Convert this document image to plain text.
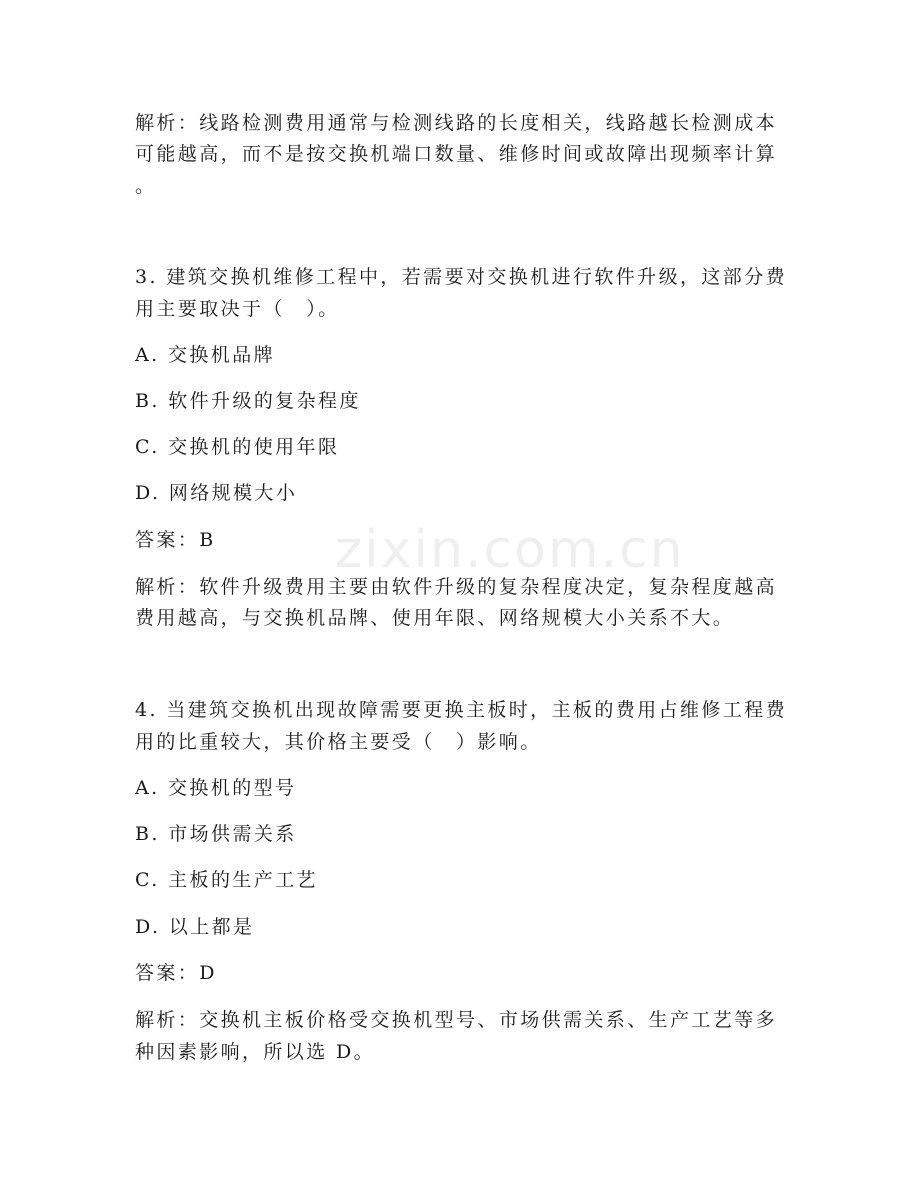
zixin.com.cn
解析：线路检测费用通常与检测线路的长度相关，线路越长检测成本
可能越高，而不是按交换机端口数量、维修时间或故障出现频率计算
。
3. 建筑交换机维修工程中，若需要对交换机进行软件升级，这部分费
用主要取决于（　）。
A. 交换机品牌
B. 软件升级的复杂程度
C. 交换机的使用年限
D. 网络规模大小
答案：B
解析：软件升级费用主要由软件升级的复杂程度决定，复杂程度越高
费用越高，与交换机品牌、使用年限、网络规模大小关系不大。
4. 当建筑交换机出现故障需要更换主板时，主板的费用占维修工程费
用的比重较大，其价格主要受（　）影响。
A. 交换机的型号
B. 市场供需关系
C. 主板的生产工艺
D. 以上都是
答案：D
解析：交换机主板价格受交换机型号、市场供需关系、生产工艺等多
种因素影响，所以选 D。
